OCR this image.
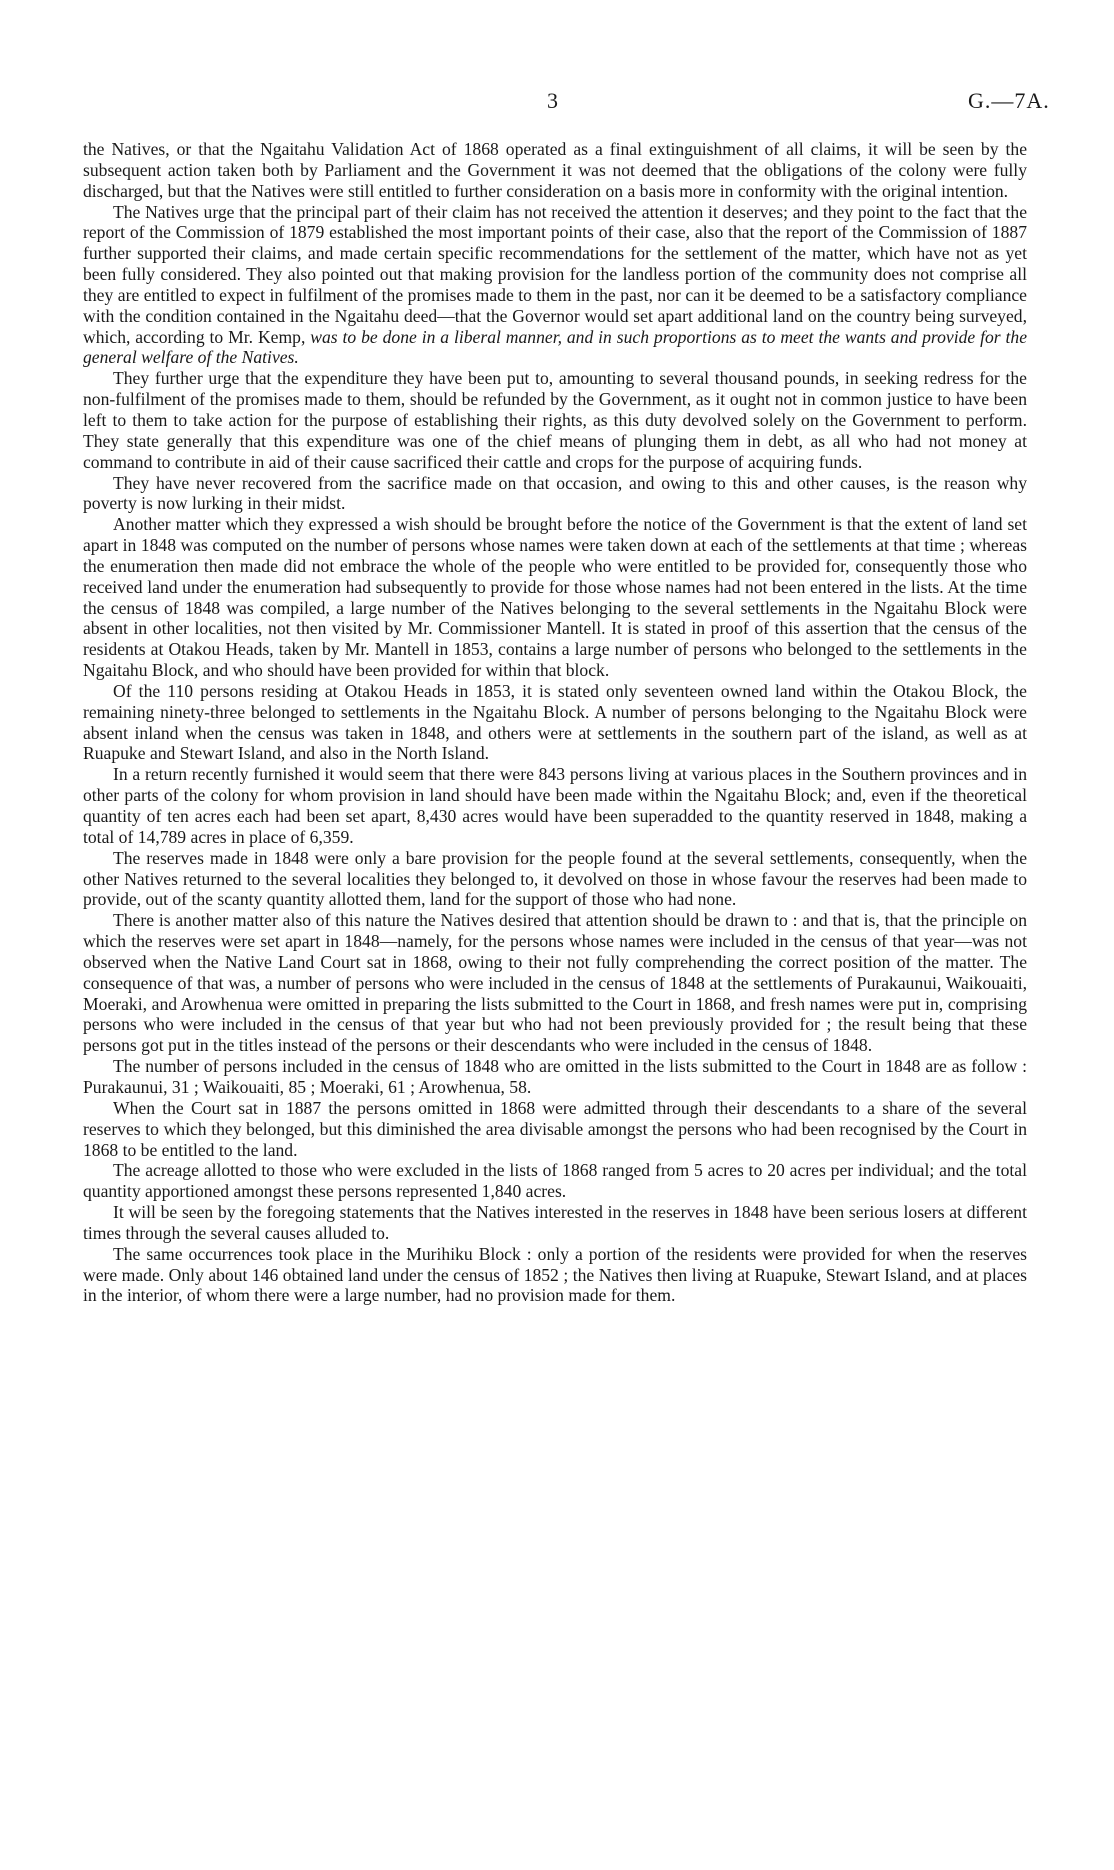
3	G.—7A.

the Natives, or that the Ngaitahu Validation Act of 1868 operated as a final extinguishment of all claims, it will be seen by the subsequent action taken both by Parliament and the Government it was not deemed that the obligations of the colony were fully discharged, but that the Natives were still entitled to further consideration on a basis more in conformity with the original intention.

The Natives urge that the principal part of their claim has not received the attention it deserves; and they point to the fact that the report of the Commission of 1879 established the most important points of their case, also that the report of the Commission of 1887 further supported their claims, and made certain specific recommendations for the settlement of the matter, which have not as yet been fully considered. They also pointed out that making provision for the landless portion of the community does not comprise all they are entitled to expect in fulfilment of the promises made to them in the past, nor can it be deemed to be a satisfactory compliance with the condition contained in the Ngaitahu deed—that the Governor would set apart additional land on the country being surveyed, which, according to Mr. Kemp, was to be done in a liberal manner, and in such proportions as to meet the wants and provide for the general welfare of the Natives.

They further urge that the expenditure they have been put to, amounting to several thousand pounds, in seeking redress for the non-fulfilment of the promises made to them, should be refunded by the Government, as it ought not in common justice to have been left to them to take action for the purpose of establishing their rights, as this duty devolved solely on the Government to perform. They state generally that this expenditure was one of the chief means of plunging them in debt, as all who had not money at command to contribute in aid of their cause sacrificed their cattle and crops for the purpose of acquiring funds.

They have never recovered from the sacrifice made on that occasion, and owing to this and other causes, is the reason why poverty is now lurking in their midst.

Another matter which they expressed a wish should be brought before the notice of the Government is that the extent of land set apart in 1848 was computed on the number of persons whose names were taken down at each of the settlements at that time ; whereas the enumeration then made did not embrace the whole of the people who were entitled to be provided for, consequently those who received land under the enumeration had subsequently to provide for those whose names had not been entered in the lists. At the time the census of 1848 was compiled, a large number of the Natives belonging to the several settlements in the Ngaitahu Block were absent in other localities, not then visited by Mr. Commissioner Mantell. It is stated in proof of this assertion that the census of the residents at Otakou Heads, taken by Mr. Mantell in 1853, contains a large number of persons who belonged to the settlements in the Ngaitahu Block, and who should have been provided for within that block.

Of the 110 persons residing at Otakou Heads in 1853, it is stated only seventeen owned land within the Otakou Block, the remaining ninety-three belonged to settlements in the Ngaitahu Block. A number of persons belonging to the Ngaitahu Block were absent inland when the census was taken in 1848, and others were at settlements in the southern part of the island, as well as at Ruapuke and Stewart Island, and also in the North Island.

In a return recently furnished it would seem that there were 843 persons living at various places in the Southern provinces and in other parts of the colony for whom provision in land should have been made within the Ngaitahu Block; and, even if the theoretical quantity of ten acres each had been set apart, 8,430 acres would have been superadded to the quantity reserved in 1848, making a total of 14,789 acres in place of 6,359.

The reserves made in 1848 were only a bare provision for the people found at the several settlements, consequently, when the other Natives returned to the several localities they belonged to, it devolved on those in whose favour the reserves had been made to provide, out of the scanty quantity allotted them, land for the support of those who had none.

There is another matter also of this nature the Natives desired that attention should be drawn to : and that is, that the principle on which the reserves were set apart in 1848—namely, for the persons whose names were included in the census of that year—was not observed when the Native Land Court sat in 1868, owing to their not fully comprehending the correct position of the matter. The consequence of that was, a number of persons who were included in the census of 1848 at the settlements of Purakaunui, Waikouaiti, Moeraki, and Arowhenua were omitted in preparing the lists submitted to the Court in 1868, and fresh names were put in, comprising persons who were included in the census of that year but who had not been previously provided for ; the result being that these persons got put in the titles instead of the persons or their descendants who were included in the census of 1848.

The number of persons included in the census of 1848 who are omitted in the lists submitted to the Court in 1848 are as follow : Purakaunui, 31 ; Waikouaiti, 85 ; Moeraki, 61 ; Arowhenua, 58.

When the Court sat in 1887 the persons omitted in 1868 were admitted through their descendants to a share of the several reserves to which they belonged, but this diminished the area divisable amongst the persons who had been recognised by the Court in 1868 to be entitled to the land.

The acreage allotted to those who were excluded in the lists of 1868 ranged from 5 acres to 20 acres per individual; and the total quantity apportioned amongst these persons represented 1,840 acres.

It will be seen by the foregoing statements that the Natives interested in the reserves in 1848 have been serious losers at different times through the several causes alluded to.

The same occurrences took place in the Murihiku Block : only a portion of the residents were provided for when the reserves were made. Only about 146 obtained land under the census of 1852 ; the Natives then living at Ruapuke, Stewart Island, and at places in the interior, of whom there were a large number, had no provision made for them.
